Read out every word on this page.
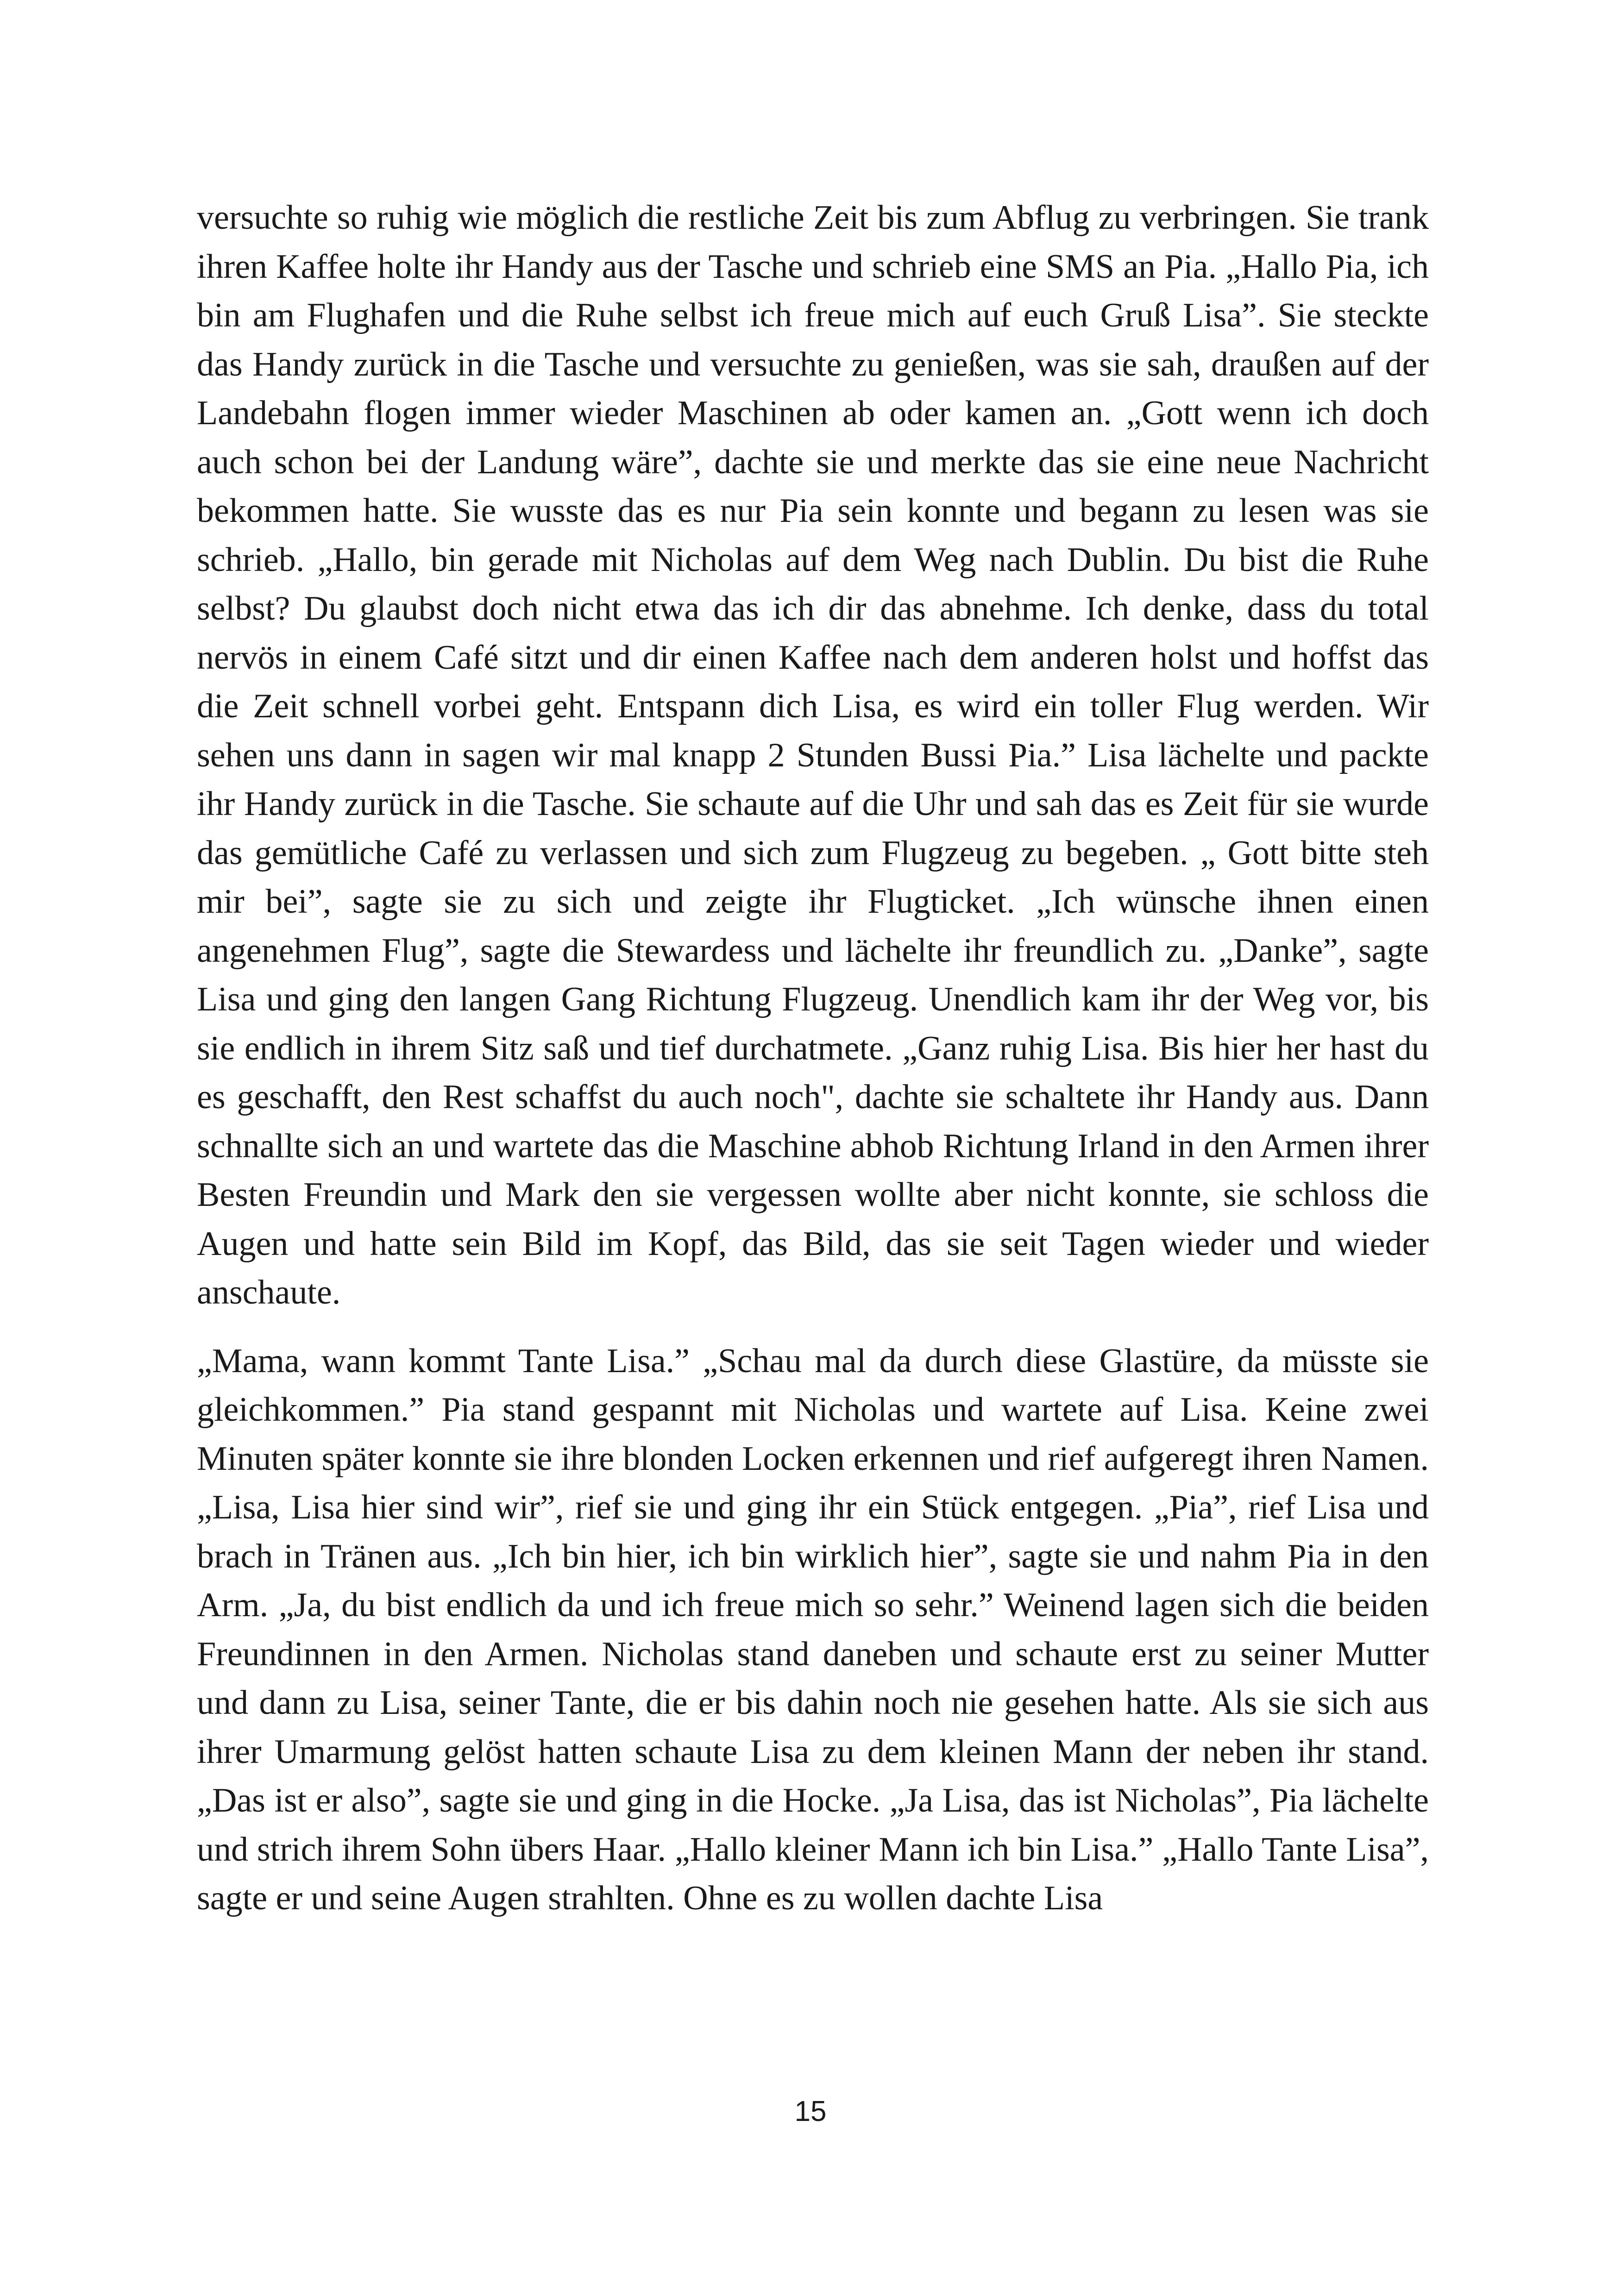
versuchte so ruhig wie möglich die restliche Zeit bis zum Abflug zu verbringen. Sie trank ihren Kaffee holte ihr Handy aus der Tasche und schrieb eine SMS an Pia. „Hallo Pia, ich bin am Flughafen und die Ruhe selbst ich freue mich auf euch Gruß Lisa”. Sie steckte das Handy zurück in die Tasche und versuchte zu genießen, was sie sah, draußen auf der Landebahn flogen immer wieder Maschinen ab oder kamen an. „Gott wenn ich doch auch schon bei der Landung wäre”, dachte sie und merkte das sie eine neue Nachricht bekommen hatte. Sie wusste das es nur Pia sein konnte und begann zu lesen was sie schrieb. „Hallo, bin gerade mit Nicholas auf dem Weg nach Dublin. Du bist die Ruhe selbst? Du glaubst doch nicht etwa das ich dir das abnehme. Ich denke, dass du total nervös in einem Café sitzt und dir einen Kaffee nach dem anderen holst und hoffst das die Zeit schnell vorbei geht. Entspann dich Lisa, es wird ein toller Flug werden. Wir sehen uns dann in sagen wir mal knapp 2 Stunden Bussi Pia.” Lisa lächelte und packte ihr Handy zurück in die Tasche. Sie schaute auf die Uhr und sah das es Zeit für sie wurde das gemütliche Café zu verlassen und sich zum Flugzeug zu begeben. „ Gott bitte steh mir bei”, sagte sie zu sich und zeigte ihr Flugticket. „Ich wünsche ihnen einen angenehmen Flug”, sagte die Stewardess und lächelte ihr freundlich zu. „Danke”, sagte Lisa und ging den langen Gang Richtung Flugzeug. Unendlich kam ihr der Weg vor, bis sie endlich in ihrem Sitz saß und tief durchatmete. „Ganz ruhig Lisa. Bis hier her hast du es geschafft, den Rest schaffst du auch noch", dachte sie schaltete ihr Handy aus. Dann schnallte sich an und wartete das die Maschine abhob Richtung Irland in den Armen ihrer Besten Freundin und Mark den sie vergessen wollte aber nicht konnte, sie schloss die Augen und hatte sein Bild im Kopf, das Bild, das sie seit Tagen wieder und wieder anschaute.

„Mama, wann kommt Tante Lisa.” „Schau mal da durch diese Glastüre, da müsste sie gleichkommen.” Pia stand gespannt mit Nicholas und wartete auf Lisa. Keine zwei Minuten später konnte sie ihre blonden Locken erkennen und rief aufgeregt ihren Namen. „Lisa, Lisa hier sind wir”, rief sie und ging ihr ein Stück entgegen. „Pia”, rief Lisa und brach in Tränen aus. „Ich bin hier, ich bin wirklich hier”, sagte sie und nahm Pia in den Arm. „Ja, du bist endlich da und ich freue mich so sehr.” Weinend lagen sich die beiden Freundinnen in den Armen. Nicholas stand daneben und schaute erst zu seiner Mutter und dann zu Lisa, seiner Tante, die er bis dahin noch nie gesehen hatte. Als sie sich aus ihrer Umarmung gelöst hatten schaute Lisa zu dem kleinen Mann der neben ihr stand. „Das ist er also”, sagte sie und ging in die Hocke. „Ja Lisa, das ist Nicholas”, Pia lächelte und strich ihrem Sohn übers Haar. „Hallo kleiner Mann ich bin Lisa.” „Hallo Tante Lisa”, sagte er und seine Augen strahlten. Ohne es zu wollen dachte Lisa

15
